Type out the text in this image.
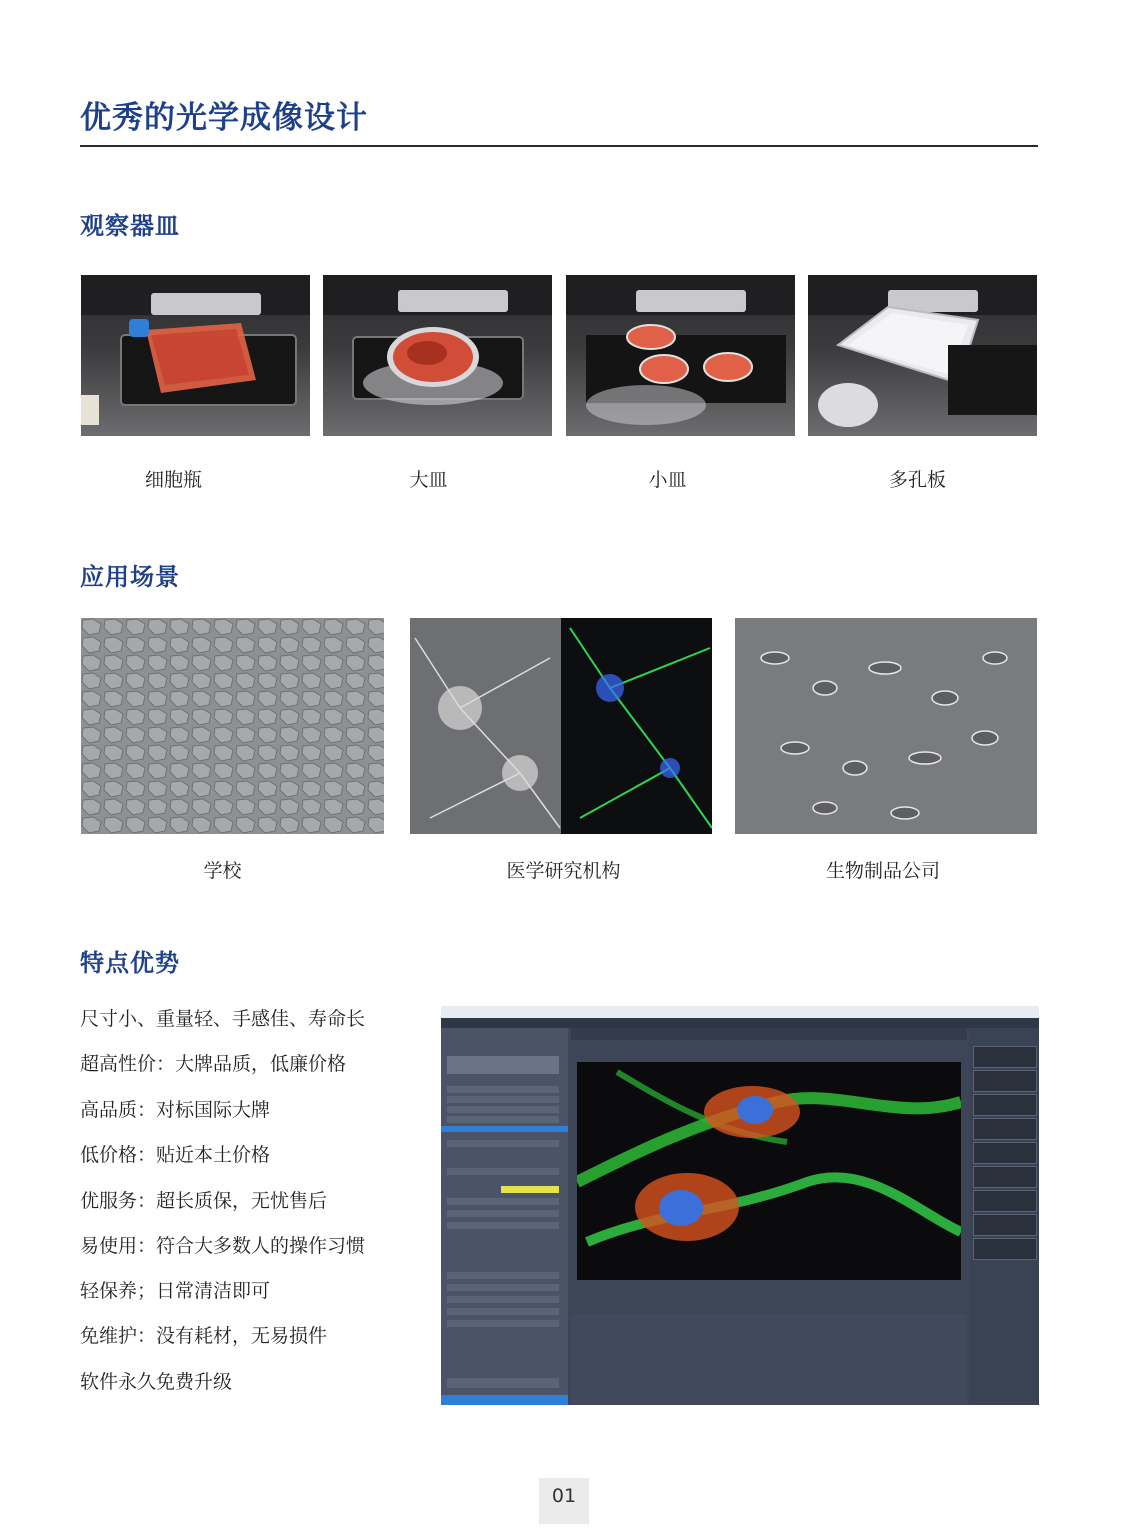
优秀的光学成像设计
观察器皿
细胞瓶	大皿	小皿	多孔板
应用场景
学校	医学研究机构	生物制品公司
特点优势
尺寸小、重量轻、手感佳、寿命长
超高性价：大牌品质，低廉价格
高品质：对标国际大牌
低价格：贴近本土价格
优服务：超长质保，无忧售后
易使用：符合大多数人的操作习惯
轻保养；日常清洁即可
免维护：没有耗材，无易损件
软件永久免费升级
01
